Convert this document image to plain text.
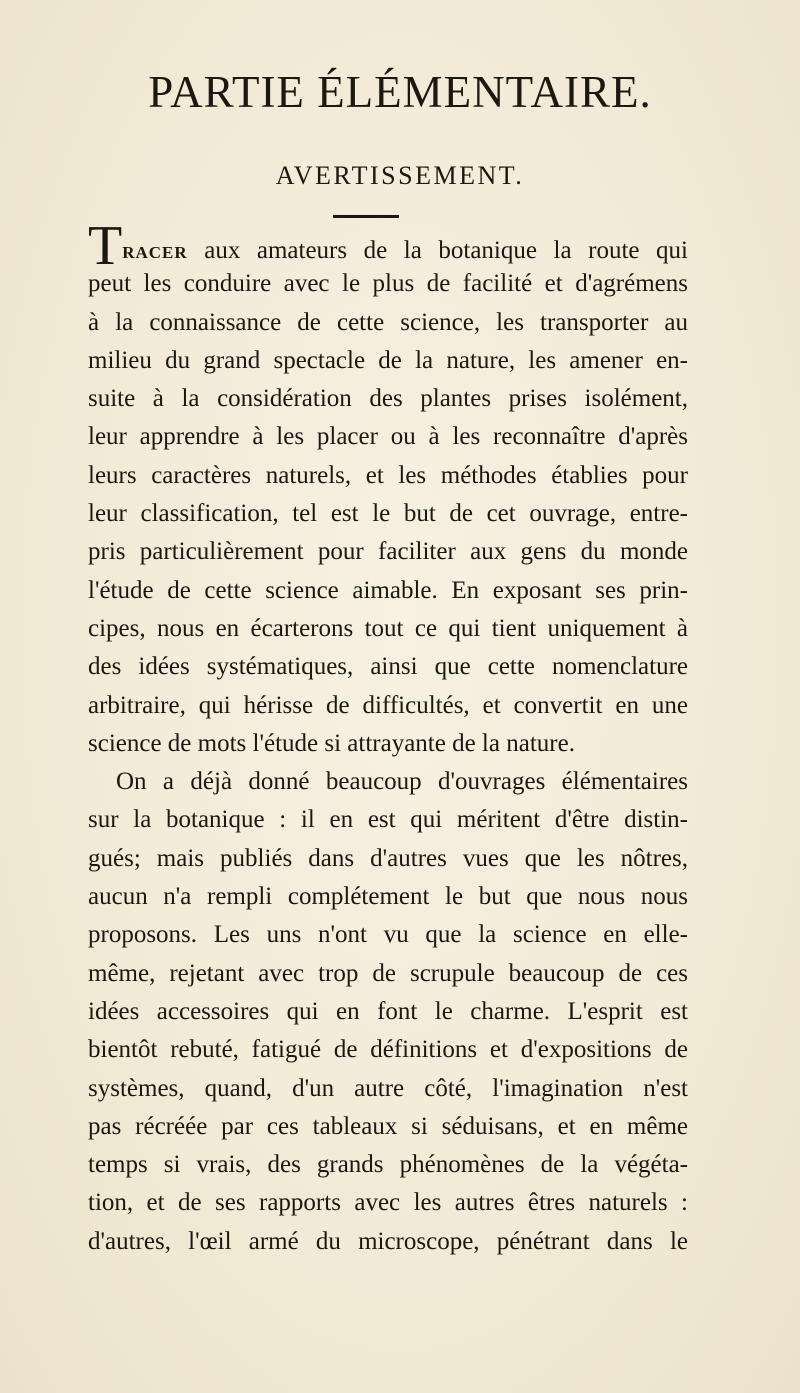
PARTIE ÉLÉMENTAIRE.
AVERTISSEMENT.
TRACER aux amateurs de la botanique la route qui
peut les conduire avec le plus de facilité et d'agrémens
à la connaissance de cette science, les transporter au
milieu du grand spectacle de la nature, les amener en-
suite à la considération des plantes prises isolément,
leur apprendre à les placer ou à les reconnaître d'après
leurs caractères naturels, et les méthodes établies pour
leur classification, tel est le but de cet ouvrage, entre-
pris particulièrement pour faciliter aux gens du monde
l'étude de cette science aimable. En exposant ses prin-
cipes, nous en écarterons tout ce qui tient uniquement à
des idées systématiques, ainsi que cette nomenclature
arbitraire, qui hérisse de difficultés, et convertit en une
science de mots l'étude si attrayante de la nature.
On a déjà donné beaucoup d'ouvrages élémentaires
sur la botanique : il en est qui méritent d'être distin-
gués; mais publiés dans d'autres vues que les nôtres,
aucun n'a rempli complétement le but que nous nous
proposons. Les uns n'ont vu que la science en elle-
même, rejetant avec trop de scrupule beaucoup de ces
idées accessoires qui en font le charme. L'esprit est
bientôt rebuté, fatigué de définitions et d'expositions de
systèmes, quand, d'un autre côté, l'imagination n'est
pas récréée par ces tableaux si séduisans, et en même
temps si vrais, des grands phénomènes de la végéta-
tion, et de ses rapports avec les autres êtres naturels :
d'autres, l'œil armé du microscope, pénétrant dans le
